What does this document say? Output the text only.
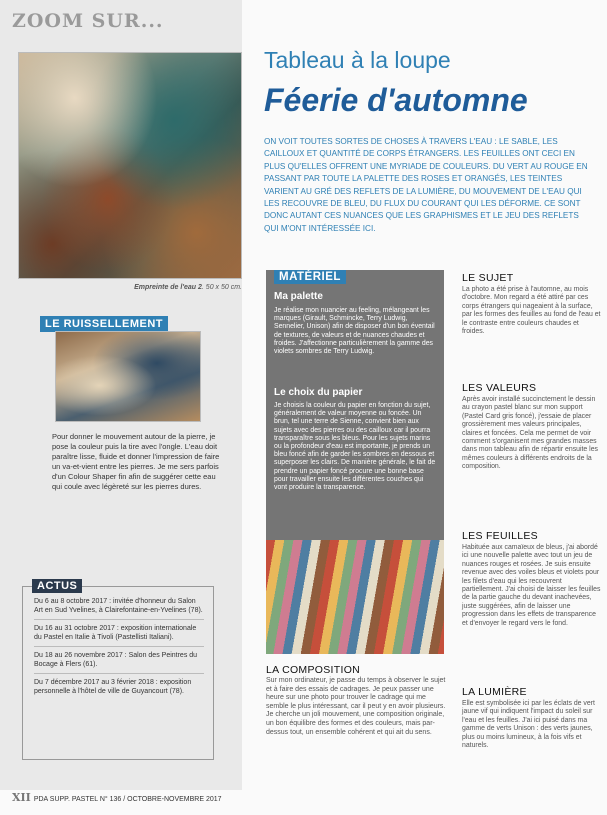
ZOOM SUR...
Empreinte de l'eau 2. 50 x 50 cm.
LE RUISSELLEMENT
Pour donner le mouvement autour de la pierre, je pose la couleur puis la tire avec l'ongle. L'eau doit paraître lisse, fluide et donner l'impression de faire un va-et-vient entre les pierres. Je me sers parfois d'un Colour Shaper fin afin de suggérer cette eau qui coule avec légèreté sur les pierres dures.
ACTUS
Du 6 au 8 octobre 2017 : invitée d'honneur du Salon Art en Sud Yvelines, à Clairefontaine-en-Yvelines (78).
Du 16 au 31 octobre 2017 : exposition internationale du Pastel en Italie à Tivoli (Pastellisti Italiani).
Du 18 au 26 novembre 2017 : Salon des Peintres du Bocage à Flers (61).
Du 7 décembre 2017 au 3 février 2018 : exposition personnelle à l'hôtel de ville de Guyancourt (78).
XII PDA SUPP. PASTEL N° 136 / OCTOBRE-NOVEMBRE 2017
Tableau à la loupe
Féerie d'automne
ON VOIT TOUTES SORTES DE CHOSES À TRAVERS L'EAU : LE SABLE, LES CAILLOUX ET QUANTITÉ DE CORPS ÉTRANGERS. LES FEUILLES ONT CECI EN PLUS QU'ELLES OFFRENT UNE MYRIADE DE COULEURS. DU VERT AU ROUGE EN PASSANT PAR TOUTE LA PALETTE DES ROSES ET ORANGÉS, LES TEINTES VARIENT AU GRÉ DES REFLETS DE LA LUMIÈRE, DU MOUVEMENT DE L'EAU QUI LES RECOUVRE DE BLEU, DU FLUX DU COURANT QUI LES DÉFORME. CE SONT DONC AUTANT CES NUANCES QUE LES GRAPHISMES ET LE JEU DES REFLETS QUI M'ONT INTÉRESSÉE ICI.
MATÉRIEL
Ma palette
Je réalise mon nuancier au feeling, mélangeant les marques (Girault, Schmincke, Terry Ludwig, Sennelier, Unison) afin de disposer d'un bon éventail de textures, de valeurs et de nuances chaudes et froides. J'affectionne particulièrement la gamme des violets sombres de Terry Ludwig.
Le choix du papier
Je choisis la couleur du papier en fonction du sujet, généralement de valeur moyenne ou foncée. Un brun, tel une terre de Sienne, convient bien aux sujets avec des pierres ou des cailloux car il pourra transparaître sous les bleus. Pour les sujets marins ou la profondeur d'eau est importante, je prends un bleu foncé afin de garder les sombres en dessous et superposer les clairs. De manière générale, le fait de prendre un papier foncé procure une bonne base pour travailler ensuite les différentes couches qui vont produire la transparence.
LA COMPOSITION
Sur mon ordinateur, je passe du temps à observer le sujet et à faire des essais de cadrages. Je peux passer une heure sur une photo pour trouver le cadrage qui me semble le plus intéressant, car il peut y en avoir plusieurs. Je cherche un joli mouvement, une composition originale, un bon équilibre des formes et des couleurs, mais par-dessus tout, un ensemble cohérent et qui ait du sens.
LE SUJET
La photo a été prise à l'automne, au mois d'octobre. Mon regard a été attiré par ces corps étrangers qui nageaient à la surface, par les formes des feuilles au fond de l'eau et le contraste entre couleurs chaudes et froides.
LES VALEURS
Après avoir installé succinctement le dessin au crayon pastel blanc sur mon support (Pastel Card gris foncé), j'essaie de placer grossièrement mes valeurs principales, claires et foncées. Cela me permet de voir comment s'organisent mes grandes masses dans mon tableau afin de répartir ensuite les mêmes couleurs à différents endroits de la composition.
LES FEUILLES
Habituée aux camaïeux de bleus, j'ai abordé ici une nouvelle palette avec tout un jeu de nuances rouges et rosées. Je suis ensuite revenue avec des voiles bleus et violets pour les filets d'eau qui les recouvrent partiellement. J'ai choisi de laisser les feuilles de la partie gauche du devant inachevées, juste suggérées, afin de laisser une progression dans les effets de transparence et d'envoyer le regard vers le fond.
LA LUMIÈRE
Elle est symbolisée ici par les éclats de vert jaune vif qui indiquent l'impact du soleil sur l'eau et les feuilles. J'ai ici puisé dans ma gamme de verts Unison : des verts jaunes, plus ou moins lumineux, à la fois vifs et naturels.
